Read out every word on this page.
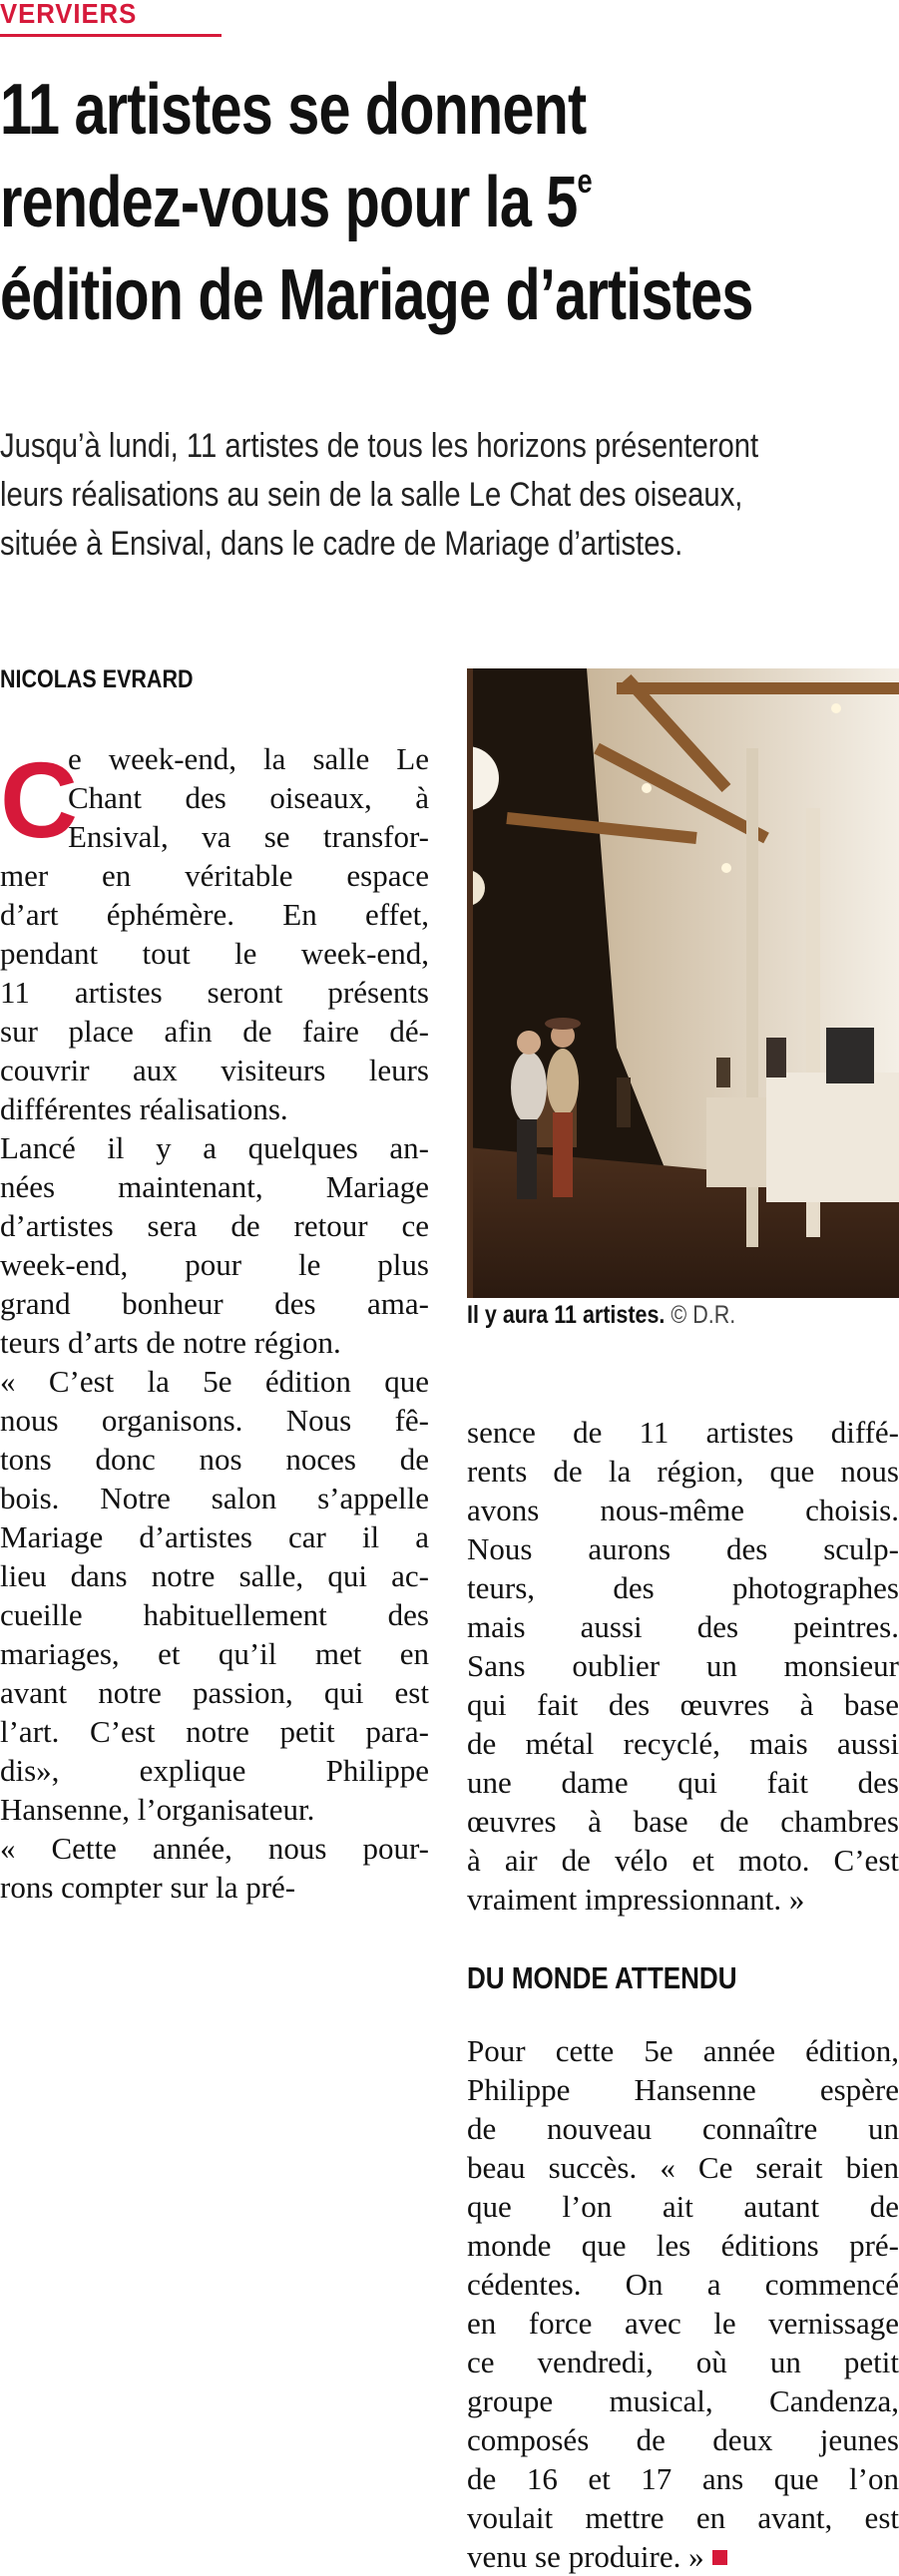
VERVIERS
11 artistes se donnent
rendez-vous pour la 5e
édition de Mariage d’artistes

Jusqu’à lundi, 11 artistes de tous les horizons présenteront

leurs réalisations au sein de la salle Le Chat des oiseaux,

située à Ensival, dans le cadre de Mariage d’artistes.

NICOLAS EVRARD
C
e week-end, la salle Le
Chant des oiseaux, à
Ensival, va se transfor-
mer en véritable espace
d’art éphémère. En effet,
pendant tout le week-end,
11 artistes seront présents
sur place afin de faire dé-
couvrir aux visiteurs leurs
différentes réalisations.
Lancé il y a quelques an-
nées maintenant, Mariage
d’artistes sera de retour ce
week-end, pour le plus
grand bonheur des ama-
teurs d’arts de notre région.
« C’est la 5e édition que
nous organisons. Nous fê-
tons donc nos noces de
bois. Notre salon s’appelle
Mariage d’artistes car il a
lieu dans notre salle, qui ac-
cueille habituellement des
mariages, et qu’il met en
avant notre passion, qui est
l’art. C’est notre petit para-
dis», explique Philippe
Hansenne, l’organisateur.
« Cette année, nous pour-
rons compter sur la pré-
Il y aura 11 artistes. © D.R.
sence de 11 artistes diffé-
rents de la région, que nous
avons nous-même choisis.
Nous aurons des sculp-
teurs, des photographes
mais aussi des peintres.
Sans oublier un monsieur
qui fait des œuvres à base
de métal recyclé, mais aussi
une dame qui fait des
œuvres à base de chambres
à air de vélo et moto. C’est
vraiment impressionnant. »
DU MONDE ATTENDU
Pour cette 5e année édition,
Philippe Hansenne espère
de nouveau connaître un
beau succès. « Ce serait bien
que l’on ait autant de
monde que les éditions pré-
cédentes. On a commencé
en force avec le vernissage
ce vendredi, où un petit
groupe musical, Candenza,
composés de deux jeunes
de 16 et 17 ans que l’on
voulait mettre en avant, est
venu se produire. »
